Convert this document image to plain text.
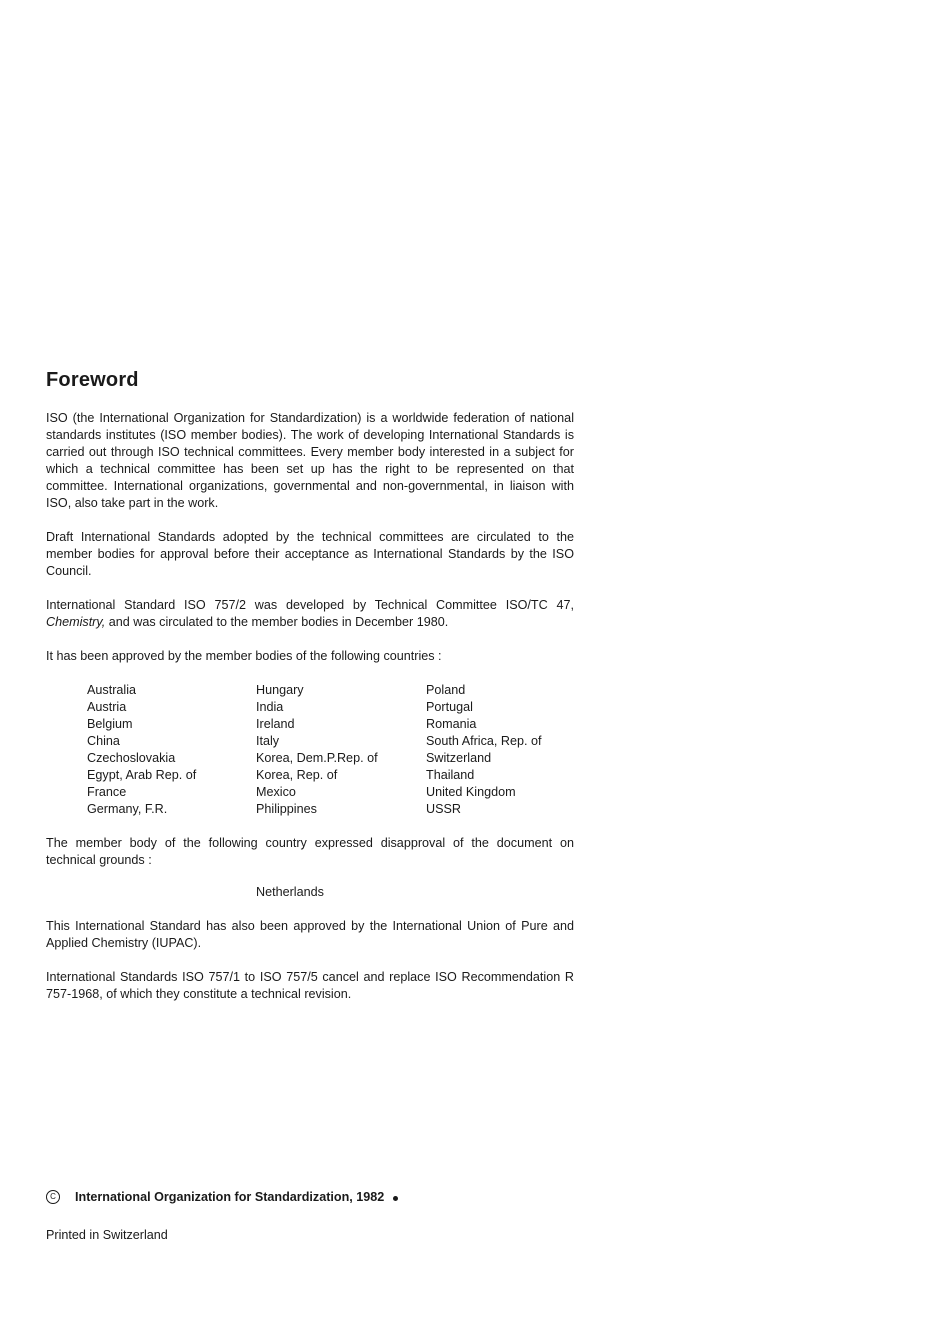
Foreword

ISO (the International Organization for Standardization) is a worldwide federation of national standards institutes (ISO member bodies). The work of developing International Standards is carried out through ISO technical committees. Every member body interested in a subject for which a technical committee has been set up has the right to be represented on that committee. International organizations, governmental and non-governmental, in liaison with ISO, also take part in the work.

Draft International Standards adopted by the technical committees are circulated to the member bodies for approval before their acceptance as International Standards by the ISO Council.

International Standard ISO 757/2 was developed by Technical Committee ISO/TC 47, Chemistry, and was circulated to the member bodies in December 1980.

It has been approved by the member bodies of the following countries :

Australia
Austria
Belgium
China
Czechoslovakia
Egypt, Arab Rep. of
France
Germany, F.R.
Hungary
India
Ireland
Italy
Korea, Dem.P.Rep. of
Korea, Rep. of
Mexico
Philippines
Poland
Portugal
Romania
South Africa, Rep. of
Switzerland
Thailand
United Kingdom
USSR

The member body of the following country expressed disapproval of the document on technical grounds :

Netherlands

This International Standard has also been approved by the International Union of Pure and Applied Chemistry (IUPAC).

International Standards ISO 757/1 to ISO 757/5 cancel and replace ISO Recommendation R 757-1968, of which they constitute a technical revision.

C	International Organization for Standardization, 1982
Printed in Switzerland
